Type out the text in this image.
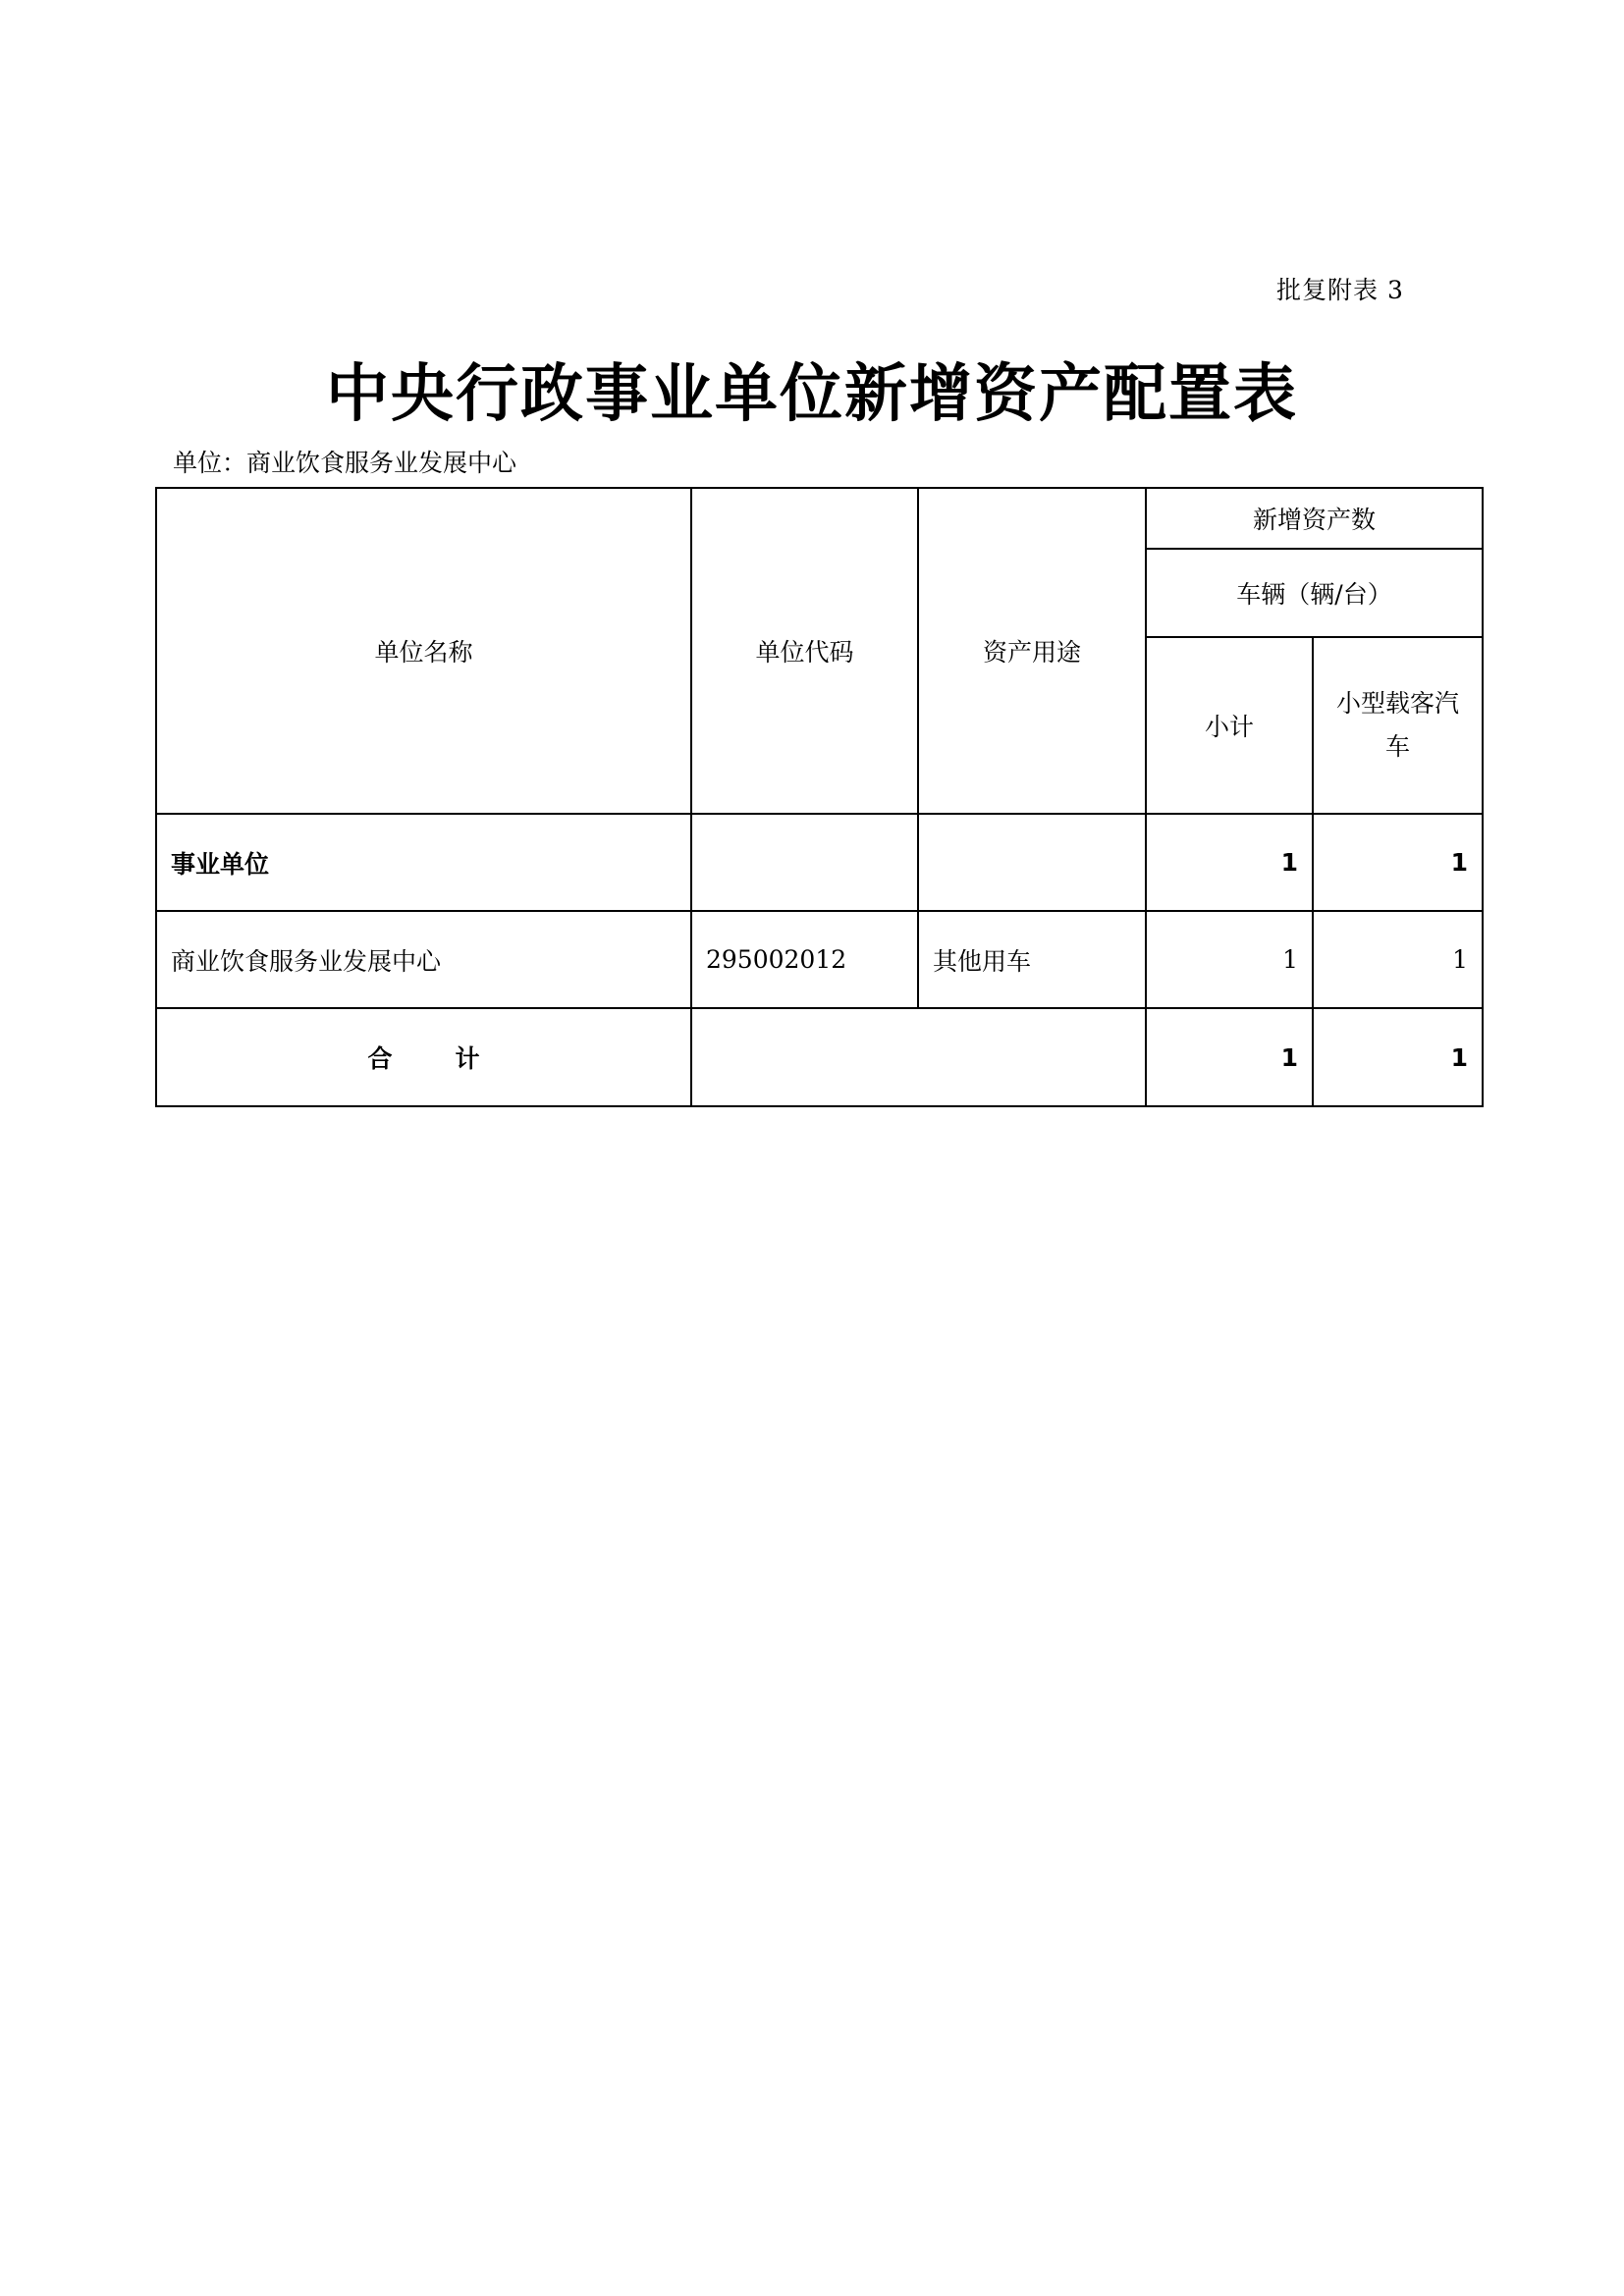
批复附表 3
中央行政事业单位新增资产配置表
单位：商业饮食服务业发展中心
单位名称	单位代码	资产用途	新增资产数	
			车辆（辆/台）	
			小计	小型载客汽车
事业单位			1	1
商业饮食服务业发展中心	295002012	其他用车	1	1
合计			1	1
